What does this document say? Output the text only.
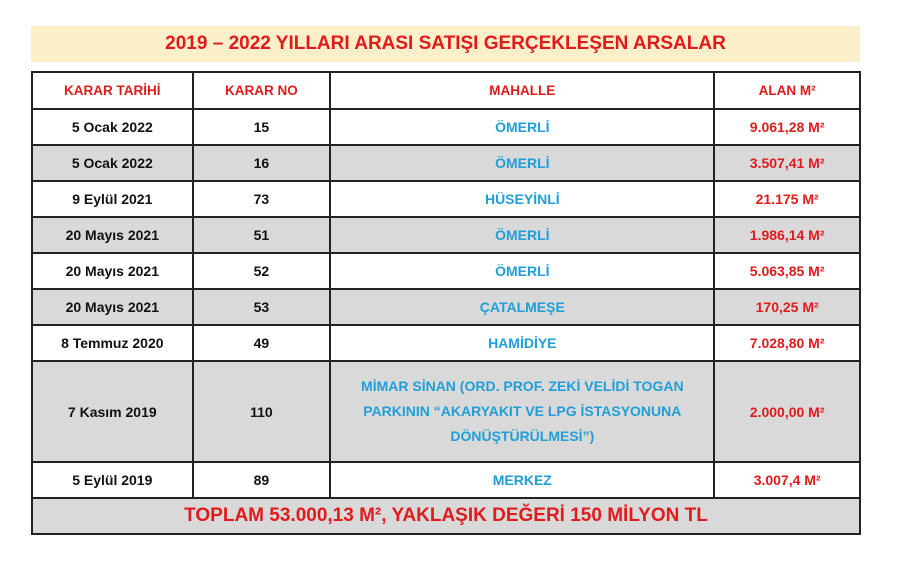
2019 – 2022 YILLARI ARASI SATIŞI GERÇEKLEŞEN ARSALAR
KARAR TARİHİ	KARAR NO	MAHALLE	ALAN M²
5 Ocak 2022	15	ÖMERLİ	9.061,28 M²
5 Ocak 2022	16	ÖMERLİ	3.507,41 M²
9 Eylül 2021	73	HÜSEYİNLİ	21.175 M²
20 Mayıs 2021	51	ÖMERLİ	1.986,14 M²
20 Mayıs 2021	52	ÖMERLİ	5.063,85 M²
20 Mayıs 2021	53	ÇATALMEŞE	170,25 M²
8 Temmuz 2020	49	HAMİDİYE	7.028,80 M²
7 Kasım 2019	110	MİMAR SİNAN (ORD. PROF. ZEKİ VELİDİ TOGAN PARKININ “AKARYAKIT VE LPG İSTASYONUNA DÖNÜŞTÜRÜLMESİ”)	2.000,00 M²
5 Eylül 2019	89	MERKEZ	3.007,4 M²
TOPLAM 53.000,13 M², YAKLAŞIK DEĞERİ 150 MİLYON TL			
